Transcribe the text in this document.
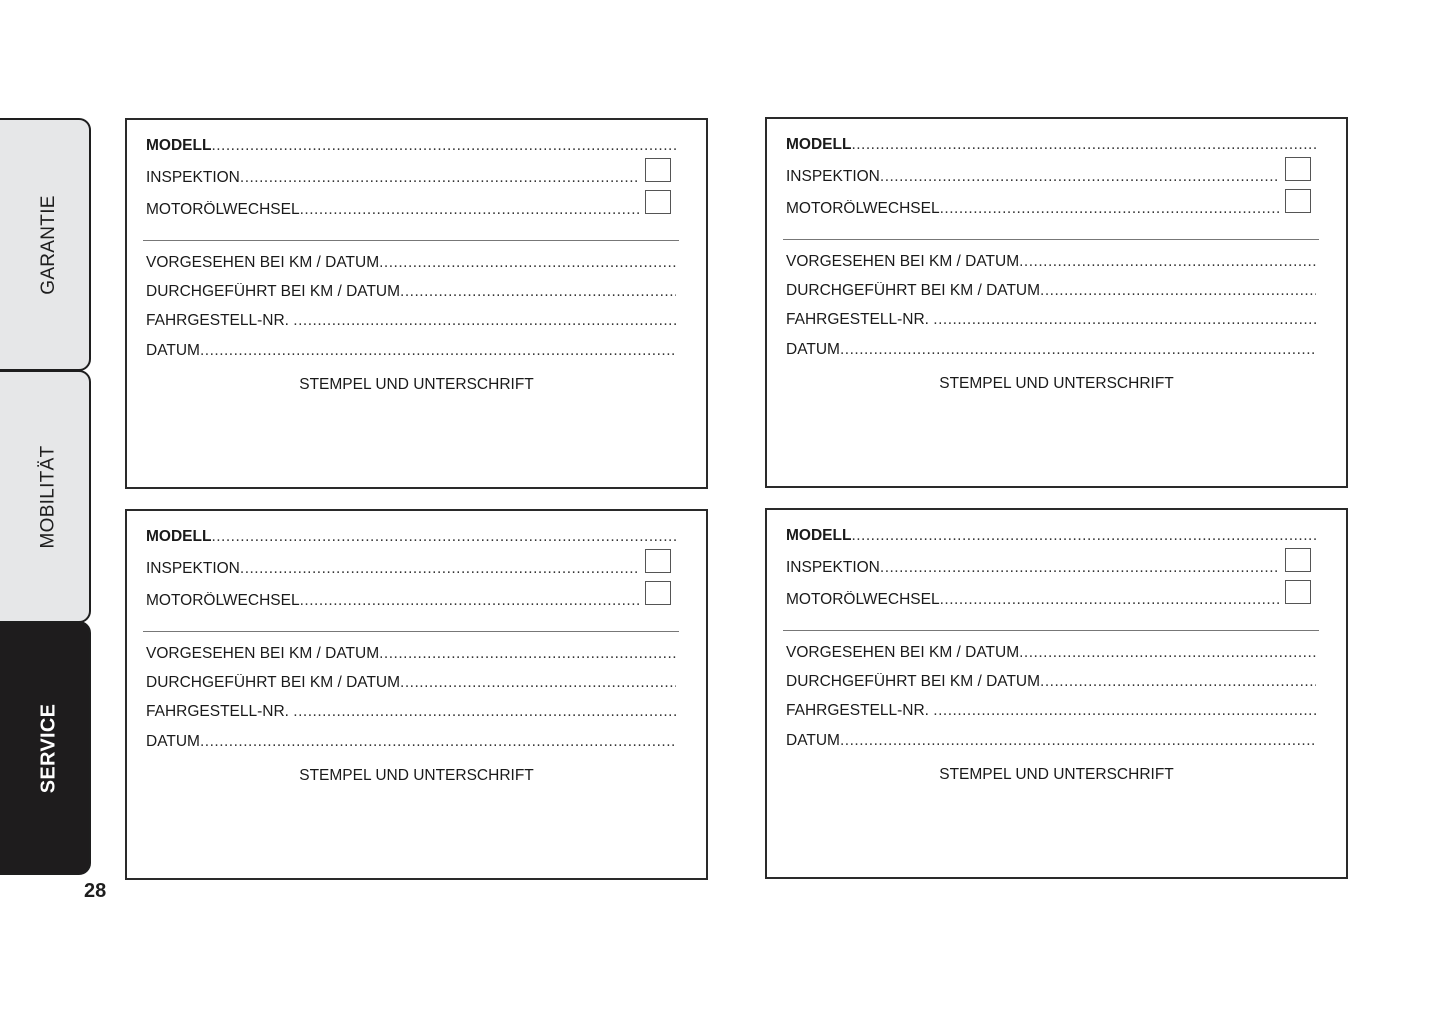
GARANTIE
MOBILITÄT
SERVICE
28
MODELL
.....
INSPEKTION
.....
MOTORÖLWECHSEL
.....
VORGESEHEN BEI KM / DATUM
.....
DURCHGEFÜHRT BEI KM / DATUM
.....
FAHRGESTELL-NR.
.....
DATUM
.....
STEMPEL UND UNTERSCHRIFT
MODELL
.....
INSPEKTION
.....
MOTORÖLWECHSEL
.....
VORGESEHEN BEI KM / DATUM
.....
DURCHGEFÜHRT BEI KM / DATUM
.....
FAHRGESTELL-NR.
.....
DATUM
.....
STEMPEL UND UNTERSCHRIFT
MODELL
.....
INSPEKTION
.....
MOTORÖLWECHSEL
.....
VORGESEHEN BEI KM / DATUM
.....
DURCHGEFÜHRT BEI KM / DATUM
.....
FAHRGESTELL-NR.
.....
DATUM
.....
STEMPEL UND UNTERSCHRIFT
MODELL
.....
INSPEKTION
.....
MOTORÖLWECHSEL
.....
VORGESEHEN BEI KM / DATUM
.....
DURCHGEFÜHRT BEI KM / DATUM
.....
FAHRGESTELL-NR.
.....
DATUM
.....
STEMPEL UND UNTERSCHRIFT
